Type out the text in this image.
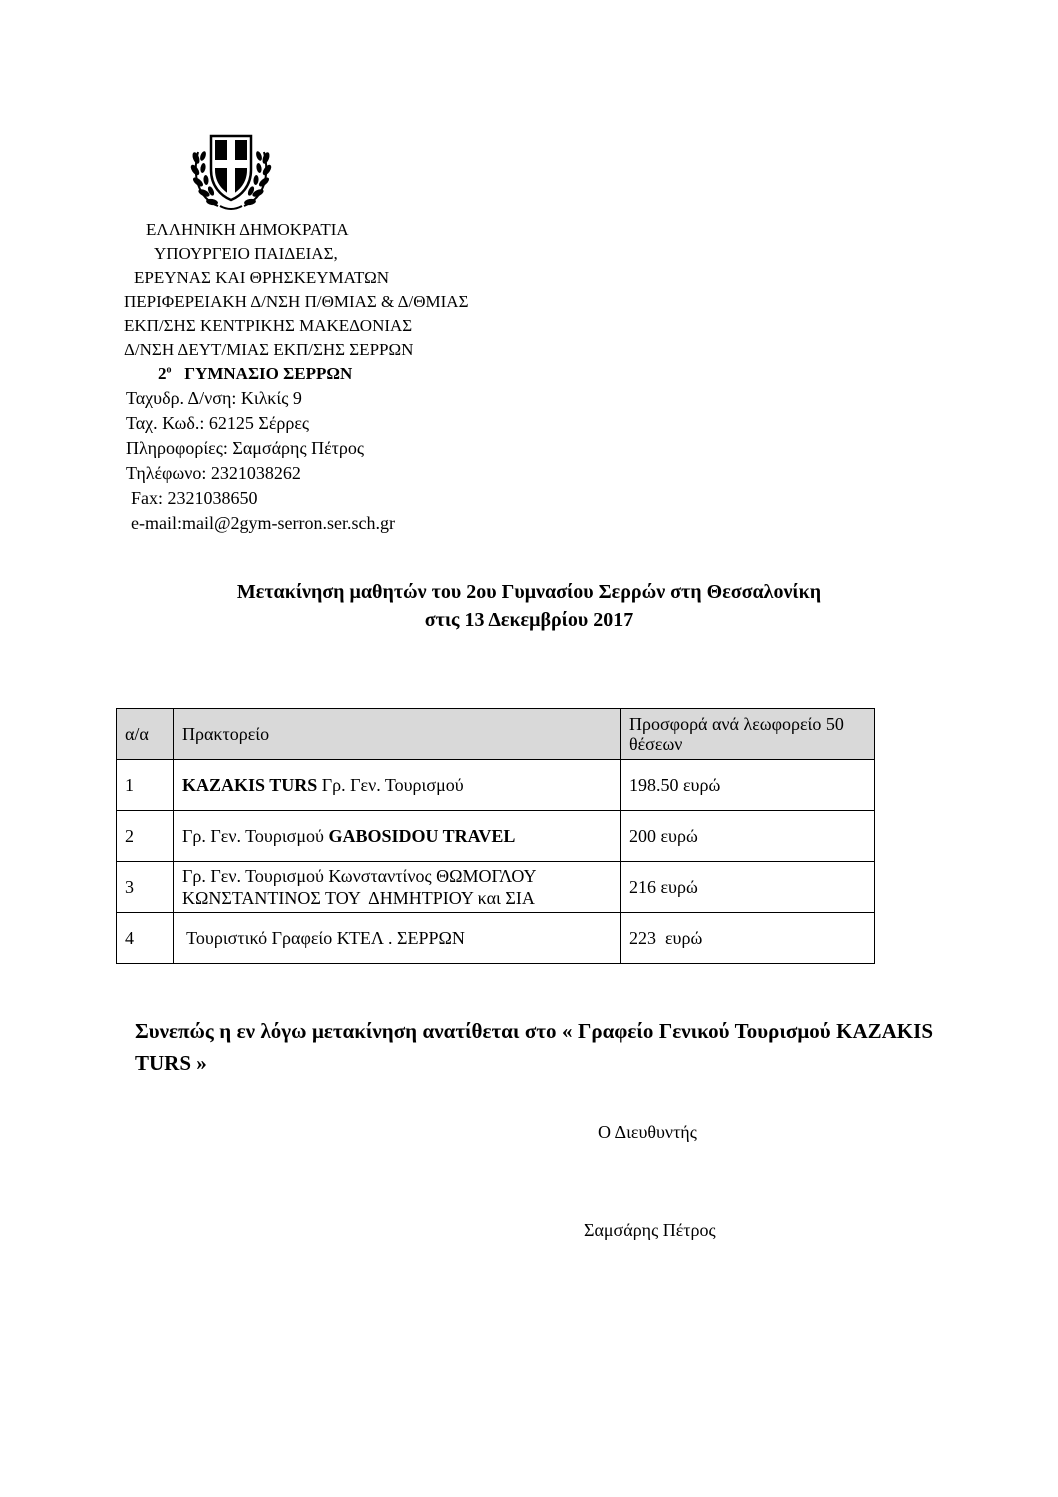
ΕΛΛΗΝΙΚΗ ΔΗΜΟΚΡΑΤΙΑ
ΥΠΟΥΡΓΕΙΟ ΠΑΙΔΕΙΑΣ,
ΕΡΕΥΝΑΣ ΚΑΙ ΘΡΗΣΚΕΥΜΑΤΩΝ
ΠΕΡΙΦΕΡΕΙΑΚΗ Δ/ΝΣΗ Π/ΘΜΙΑΣ & Δ/ΘΜΙΑΣ
ΕΚΠ/ΣΗΣ ΚΕΝΤΡΙΚΗΣ ΜΑΚΕΔΟΝΙΑΣ
Δ/ΝΣΗ ΔΕΥΤ/ΜΙΑΣ ΕΚΠ/ΣΗΣ ΣΕΡΡΩΝ
$2^o$ ΓΥΜΝΑΣΙΟ ΣΕΡΡΩΝ
Ταχυδρ. Δ/νση: Κιλκίς 9
Ταχ. Κωδ.: 62125 Σέρρες
Πληροφορίες: Σαμσάρης Πέτρος
Τηλέφωνο: 2321038262
Fax: 2321038650
e-mail:mail@2gym-serron.ser.sch.gr
Μετακίνηση μαθητών του 2ου Γυμνασίου Σερρών στη Θεσσαλονίκη
στις 13 Δεκεμβρίου 2017
α/α	Πρακτορείο	Προσφορά ανά λεωφορείο 50 θέσεων
1	KAZAKIS TURS Γρ. Γεν. Τουρισμού	198.50 ευρώ
2	Γρ. Γεν. Τουρισμού GABOSIDOU TRAVEL	200 ευρώ
3	Γρ. Γεν. Τουρισμού Κωνσταντίνος ΘΩΜΟΓΛΟΥ
ΚΩΝΣΤΑΝΤΙΝΟΣ ΤΟΥ  ΔΗΜΗΤΡΙΟΥ και ΣΙΑ	216 ευρώ
4	Τουριστικό Γραφείο ΚΤΕΛ . ΣΕΡΡΩΝ	223  ευρώ
Συνεπώς η εν λόγω μετακίνηση ανατίθεται στο « Γραφείο Γενικού Τουρισμού KAZAKIS TURS »
Ο Διευθυντής
Σαμσάρης Πέτρος
